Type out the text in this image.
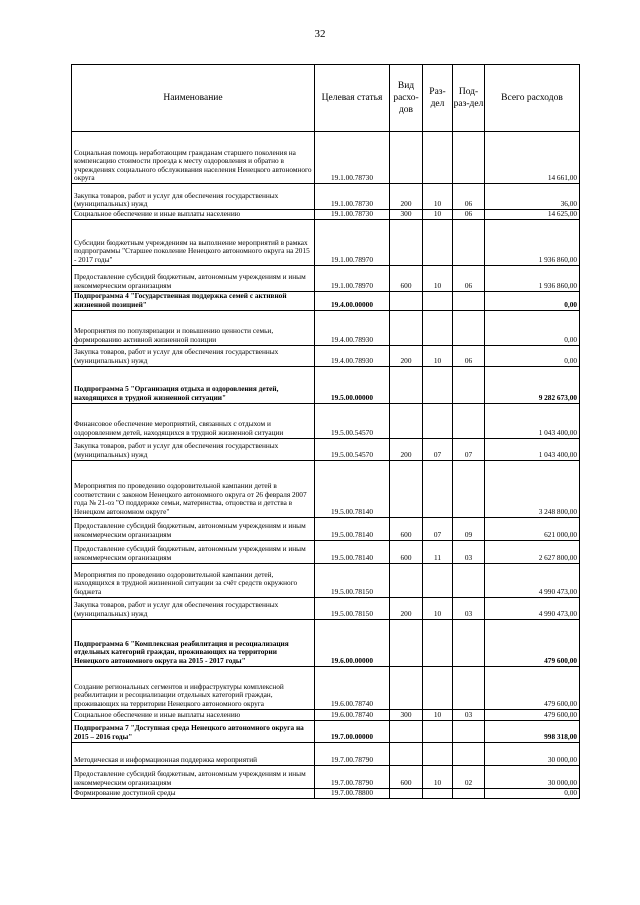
32
Наименование	Целевая статья	Вид расхо-дов	Раз-дел	Под-раз-дел	Всего расходов
Социальная помощь неработающим гражданам старшего поколения на компенсацию стоимости проезда к месту оздоровления и обратно в учреждениях социального обслуживания населения Ненецкого автономного округа	19.1.00.78730				14 661,00
Закупка товаров, работ и услуг для обеспечения государственных (муниципальных) нужд	19.1.00.78730	200	10	06	36,00
Социальное обеспечение и иные выплаты населению	19.1.00.78730	300	10	06	14 625,00
Субсидии бюджетным учреждениям на выполнение мероприятий в рамках подпрограммы "Старшее поколение Ненецкого автономного округа на 2015 - 2017 годы"	19.1.00.78970				1 936 860,00
Предоставление субсидий бюджетным, автономным учреждениям и иным некоммерческим организациям	19.1.00.78970	600	10	06	1 936 860,00
Подпрограмма 4 "Государственная поддержка семей с активной жизненной позицией"	19.4.00.00000				0,00
Мероприятия по популяризации и повышению ценности семьи, формированию активной жизненной позиции	19.4.00.78930				0,00
Закупка товаров, работ и услуг для обеспечения государственных (муниципальных) нужд	19.4.00.78930	200	10	06	0,00
Подпрограмма 5 "Организация отдыха и оздоровления детей, находящихся в трудной жизненной ситуации"	19.5.00.00000				9 282 673,00
Финансовое обеспечение мероприятий, связанных с отдыхом и оздоровлением детей, находящихся в трудной жизненной ситуации	19.5.00.54570				1 043 400,00
Закупка товаров, работ и услуг для обеспечения государственных (муниципальных) нужд	19.5.00.54570	200	07	07	1 043 400,00
Мероприятия по проведению оздоровительной кампании детей в соответствии с законом Ненецкого автономного округа от 26 февраля 2007 года № 21-оз "О поддержке семьи, материнства, отцовства и детства в Ненецком автономном округе"	19.5.00.78140				3 248 800,00
Предоставление субсидий бюджетным, автономным учреждениям и иным некоммерческим организациям	19.5.00.78140	600	07	09	621 000,00
Предоставление субсидий бюджетным, автономным учреждениям и иным некоммерческим организациям	19.5.00.78140	600	11	03	2 627 800,00
Мероприятия по проведению оздоровительной кампании детей, находящихся в трудной жизненной ситуации за счёт средств окружного бюджета	19.5.00.78150				4 990 473,00
Закупка товаров, работ и услуг для обеспечения государственных (муниципальных) нужд	19.5.00.78150	200	10	03	4 990 473,00
Подпрограмма 6 "Комплексная реабилитация и ресоциализация отдельных категорий граждан, проживающих на территории Ненецкого автономного округа на 2015 - 2017 годы"	19.6.00.00000				479 600,00
Создание региональных сегментов и инфраструктуры комплексной реабилитации и ресоциализации отдельных категорий граждан, проживающих на территории Ненецкого автономного округа	19.6.00.78740				479 600,00
Социальное обеспечение и иные выплаты населению	19.6.00.78740	300	10	03	479 600,00
Подпрограмма 7 "Доступная среда Ненецкого автономного округа на 2015 – 2016 годы"	19.7.00.00000				998 318,00
Методическая и информационная поддержка мероприятий	19.7.00.78790				30 000,00
Предоставление субсидий бюджетным, автономным учреждениям и иным некоммерческим организациям	19.7.00.78790	600	10	02	30 000,00
Формирование доступной среды	19.7.00.78800				0,00
